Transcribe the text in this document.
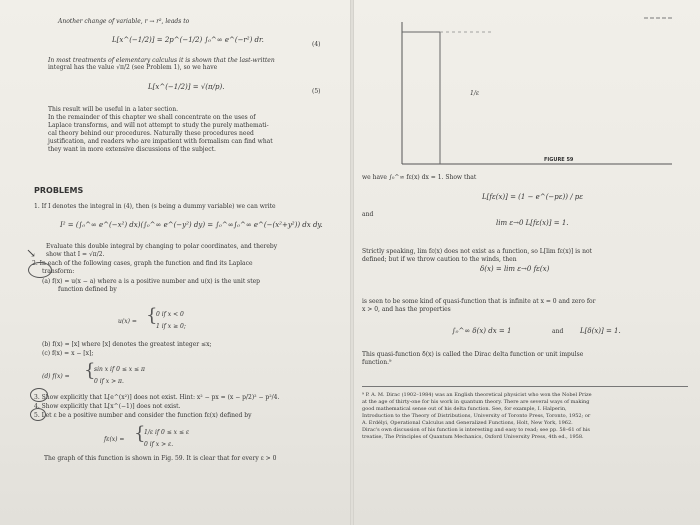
Another change of variable, r → r², leads to
L[x^(−1/2)] = 2p^(−1/2) ∫₀^∞ e^(−r²) dr.
(4)
In most treatments of elementary calculus it is shown that the last-written
integral has the value √π/2 (see Problem 1), so we have
L[x^(−1/2)] = √(π/p).
(5)
This result will be useful in a later section.
In the remainder of this chapter we shall concentrate on the uses of
Laplace transforms, and will not attempt to study the purely mathemati-
cal theory behind our procedures. Naturally these procedures need
justification, and readers who are impatient with formalism can find what
they want in more extensive discussions of the subject.
PROBLEMS
1. If I denotes the integral in (4), then (s being a dummy variable) we can write
I² = (∫₀^∞ e^(−x²) dx)(∫₀^∞ e^(−y²) dy) = ∫₀^∞∫₀^∞ e^(−(x²+y²)) dx dy.
Evaluate this double integral by changing to polar coordinates, and thereby
show that I = √π/2.
2. In each of the following cases, graph the function and find its Laplace
transform:
(a) f(x) = u(x − a) where a is a positive number and u(x) is the unit step
function defined by
u(x) = {
0 if x < 0
1 if x ≥ 0;
(b) f(x) = [x] where [x] denotes the greatest integer ≤x;
(c) f(x) = x − [x];
(d) f(x) = {
sin x if 0 ≤ x ≤ π
0 if x > π.
3. Show explicitly that L[e^(x²)] does not exist. Hint: x² − px = (x − p/2)² − p²/4.
4. Show explicitly that L[x^(−1)] does not exist.
5. Let ε be a positive number and consider the function fε(x) defined by
fε(x) = {
1/ε if 0 ≤ x ≤ ε
0 if x > ε.
The graph of this function is shown in Fig. 59. It is clear that for every ε > 0
↘
1/ε
FIGURE 59
we have ∫₀^∞ fε(x) dx = 1. Show that
L[fε(x)] = (1 − e^(−pε)) / pε
and
lim ε→0 L[fε(x)] = 1.
Strictly speaking, lim fε(x) does not exist as a function, so L[lim fε(x)] is not
defined; but if we throw caution to the winds, then
δ(x) = lim ε→0 fε(x)
is seen to be some kind of quasi-function that is infinite at x = 0 and zero for
x > 0, and has the properties
∫₀^∞ δ(x) dx = 1	and L[δ(x)] = 1.
This quasi-function δ(x) is called the Dirac delta function or unit impulse
function.⁹
⁹ P. A. M. Dirac (1902–1984) was an English theoretical physicist who won the Nobel Prize
at the age of thirty-one for his work in quantum theory. There are several ways of making
good mathematical sense out of his delta function. See, for example, I. Halperin,
Introduction to the Theory of Distributions, University of Toronto Press, Toronto, 1952; or
A. Erdélyi, Operational Calculus and Generalized Functions, Holt, New York, 1962.
Dirac's own discussion of his function is interesting and easy to read; see pp. 58–61 of his
treatise, The Principles of Quantum Mechanics, Oxford University Press, 4th ed., 1958.
